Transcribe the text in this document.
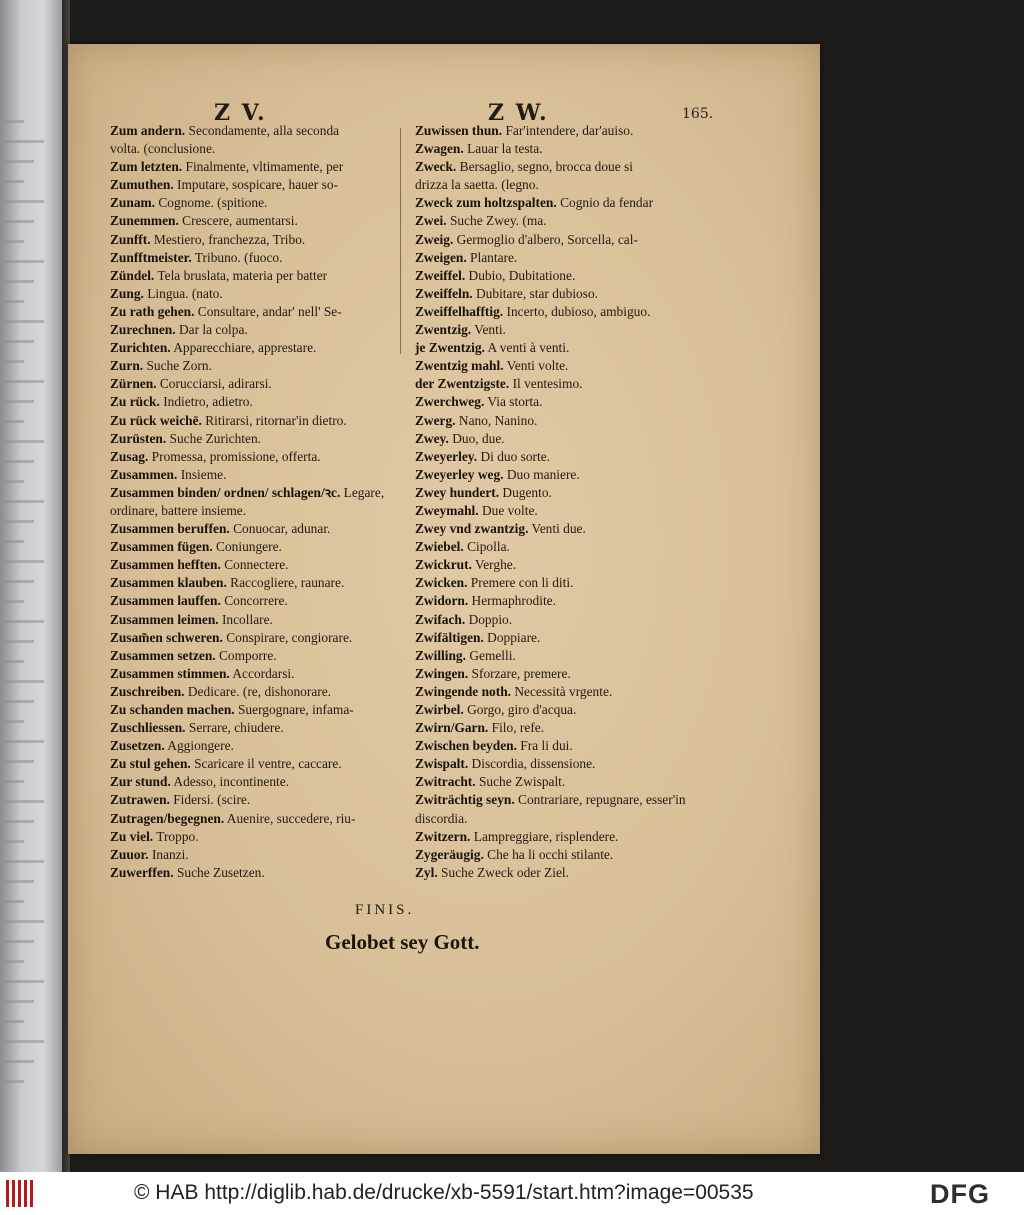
Z V.	Z W.	165.
Zum andern. Secondamente, alla seconda
volta. (conclusione.
Zum letzten. Finalmente, vltimamente, per
Zumuthen. Imputare, sospicare, hauer so-
Zunam. Cognome. (spitione.
Zunemmen. Crescere, aumentarsi.
Zunfft. Mestiero, franchezza, Tribo.
Zunfftmeister. Tribuno. (fuoco.
Zündel. Tela bruslata, materia per batter
Zung. Lingua. (nato.
Zu rath gehen. Consultare, andar' nell' Se-
Zurechnen. Dar la colpa.
Zurichten. Apparecchiare, apprestare.
Zurn. Suche Zorn.
Zürnen. Corucciarsi, adirarsi.
Zu rück. Indietro, adietro.
Zu rück weichē. Ritirarsi, ritornar'in dietro.
Zurüsten. Suche Zurichten.
Zusag. Promessa, promissione, offerta.
Zusammen. Insieme.
Zusammen binden/ ordnen/ schlagen/ꝛc. Legare, ordinare, battere insieme.
Zusammen beruffen. Conuocar, adunar.
Zusammen fügen. Coniungere.
Zusammen hefften. Connectere.
Zusammen klauben. Raccogliere, raunare.
Zusammen lauffen. Concorrere.
Zusammen leimen. Incollare.
Zusam̃en schweren. Conspirare, congiorare.
Zusammen setzen. Comporre.
Zusammen stimmen. Accordarsi.
Zuschreiben. Dedicare. (re, dishonorare.
Zu schanden machen. Suergognare, infama-
Zuschliessen. Serrare, chiudere.
Zusetzen. Aggiongere.
Zu stul gehen. Scaricare il ventre, caccare.
Zur stund. Adesso, incontinente.
Zutrawen. Fidersi. (scire.
Zutragen/begegnen. Auenire, succedere, riu-
Zu viel. Troppo.
Zuuor. Inanzi.
Zuwerffen. Suche Zusetzen.
Zuwissen thun. Far'intendere, dar'auiso.
Zwagen. Lauar la testa.
Zweck. Bersaglio, segno, brocca doue si
drizza la saetta. (legno.
Zweck zum holtzspalten. Cognio da fendar
Zwei. Suche Zwey. (ma.
Zweig. Germoglio d'albero, Sorcella, cal-
Zweigen. Plantare.
Zweiffel. Dubio, Dubitatione.
Zweiffeln. Dubitare, star dubioso.
Zweiffelhafftig. Incerto, dubioso, ambiguo.
Zwentzig. Venti.
je Zwentzig. A venti à venti.
Zwentzig mahl. Venti volte.
der Zwentzigste. Il ventesimo.
Zwerchweg. Via storta.
Zwerg. Nano, Nanino.
Zwey. Duo, due.
Zweyerley. Di duo sorte.
Zweyerley weg. Duo maniere.
Zwey hundert. Dugento.
Zweymahl. Due volte.
Zwey vnd zwantzig. Venti due.
Zwiebel. Cipolla.
Zwickrut. Verghe.
Zwicken. Premere con li diti.
Zwidorn. Hermaphrodite.
Zwifach. Doppio.
Zwifältigen. Doppiare.
Zwilling. Gemelli.
Zwingen. Sforzare, premere.
Zwingende noth. Necessità vrgente.
Zwirbel. Gorgo, giro d'acqua.
Zwirn/Garn. Filo, refe.
Zwischen beyden. Fra li dui.
Zwispalt. Discordia, dissensione.
Zwitracht. Suche Zwispalt.
Zwiträchtig seyn. Contrariare, repugnare, esser'in discordia.
Zwitzern. Lampreggiare, risplendere.
Zygeräugig. Che ha li occhi stilante.
Zyl. Suche Zweck oder Ziel.
FINIS.
Gelobet sey Gott.
© HAB http://diglib.hab.de/drucke/xb-5591/start.htm?image=00535	DFG
